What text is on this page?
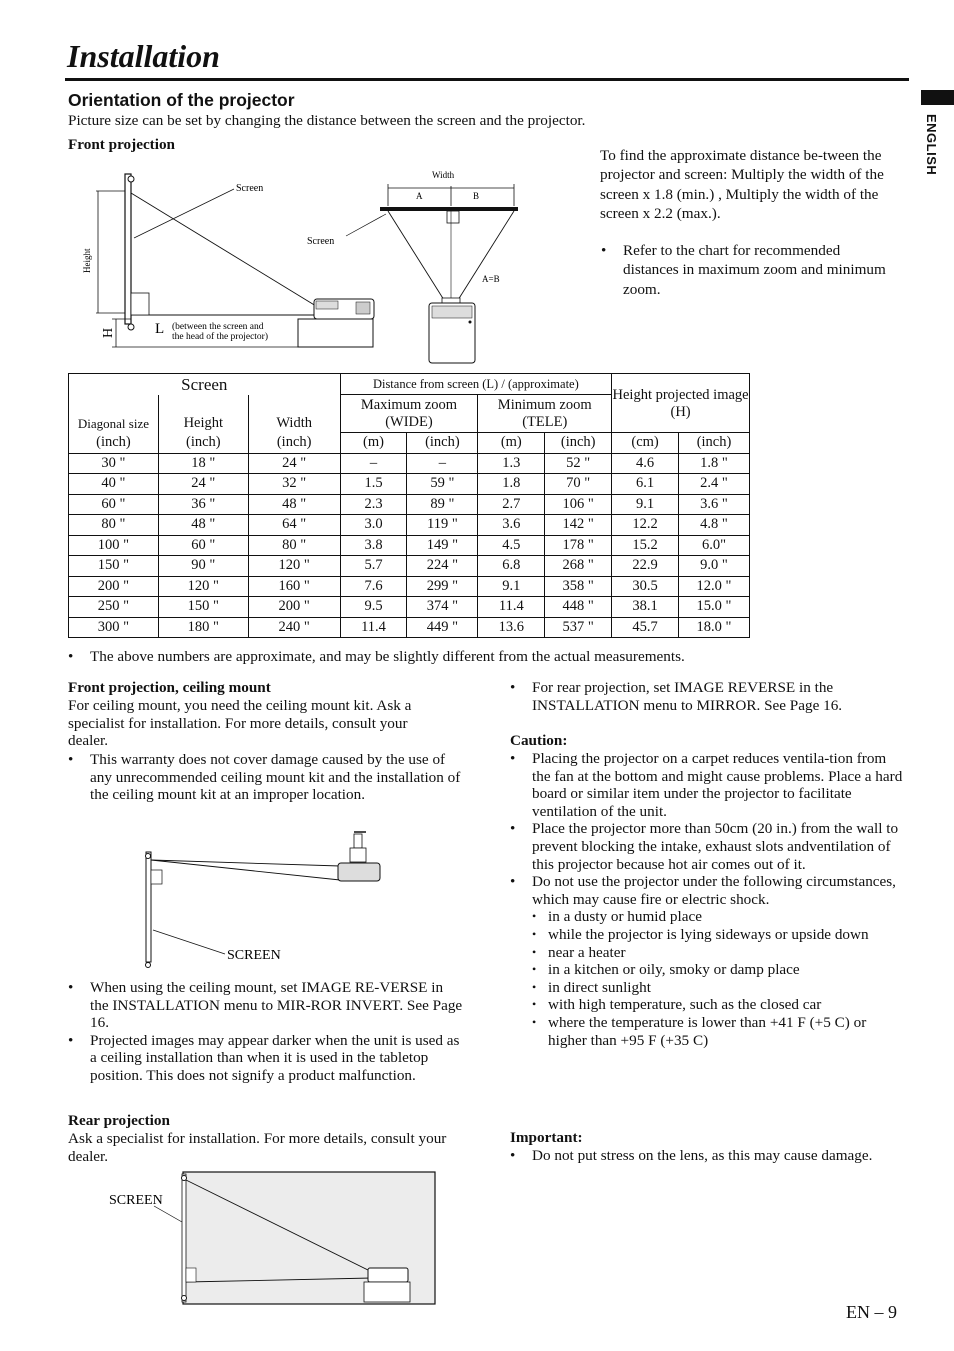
Installation
ENGLISH
Orientation of the projector
Picture size can be set by changing the distance between the screen and the projector.
Front projection
Height
Screen
H	L (between the screen and
the head of the projector)
Width
A	B
Screen
A=B
To find the approximate distance be-tween the projector and screen: Multiply the width of the screen x 1.8 (min.) , Multiply the width of the screen x 2.2 (max.).
• Refer to the chart for recommended distances in maximum zoom and minimum zoom.
Screen			Distance from screen (L) / (approximate)				Height projected image (H)	
Diagonal size	Height	Width	Maximum zoom (WIDE)		Minimum zoom (TELE)			
(inch)	(inch)	(inch)	(m)	(inch)	(m)	(inch)	(cm)	(inch)
30 "	18 "	24 "	–	–	1.3	52 "	4.6	1.8 "
40 "	24 "	32 "	1.5	59 "	1.8	70 "	6.1	2.4 "
60 "	36 "	48 "	2.3	89 "	2.7	106 "	9.1	3.6 "
80 "	48 "	64 "	3.0	119 "	3.6	142 "	12.2	4.8 "
100 "	60 "	80 "	3.8	149 "	4.5	178 "	15.2	6.0"
150 "	90 "	120 "	5.7	224 "	6.8	268 "	22.9	9.0 "
200 "	120 "	160 "	7.6	299 "	9.1	358 "	30.5	12.0 "
250 "	150 "	200 "	9.5	374 "	11.4	448 "	38.1	15.0 "
300 "	180 "	240 "	11.4	449 "	13.6	537 "	45.7	18.0 "
• The above numbers are approximate, and may be slightly different from the actual measurements.
Front projection, ceiling mount
For ceiling mount, you need the ceiling mount kit. Ask a specialist for installation. For more details, consult your dealer.
• This warranty does not cover damage caused by the use of any unrecommended ceiling mount kit and the installation of the ceiling mount kit at an improper location.
SCREEN
• When using the ceiling mount, set IMAGE RE-VERSE in the INSTALLATION menu to MIR-ROR INVERT. See Page 16.
• Projected images may appear darker when the unit is used as a ceiling installation than when it is used in the tabletop position. This does not signify a product malfunction.
Rear projection
Ask a specialist for installation. For more details, consult your dealer.
SCREEN
• For rear projection, set IMAGE REVERSE in the INSTALLATION menu to MIRROR. See Page 16.
Caution:
• Placing the projector on a carpet reduces ventila-tion from the fan at the bottom and might cause problems. Place a hard board or similar item under the projector to facilitate ventilation of the unit.
• Place the projector more than 50cm (20 in.) from the wall to prevent blocking the intake, exhaust slots andventilation of this projector because hot air comes out of it.
• Do not use the projector under the following circumstances, which may cause fire or electric shock.
• in a dusty or humid place
• while the projector is lying sideways or upside down
• near a heater
• in a kitchen or oily, smoky or damp place
• in direct sunlight
• with high temperature, such as the closed car
• where the temperature is lower than +41 F (+5 C) or higher than +95 F (+35 C)
Important:
• Do not put stress on the lens, as this may cause damage.
EN – 9
